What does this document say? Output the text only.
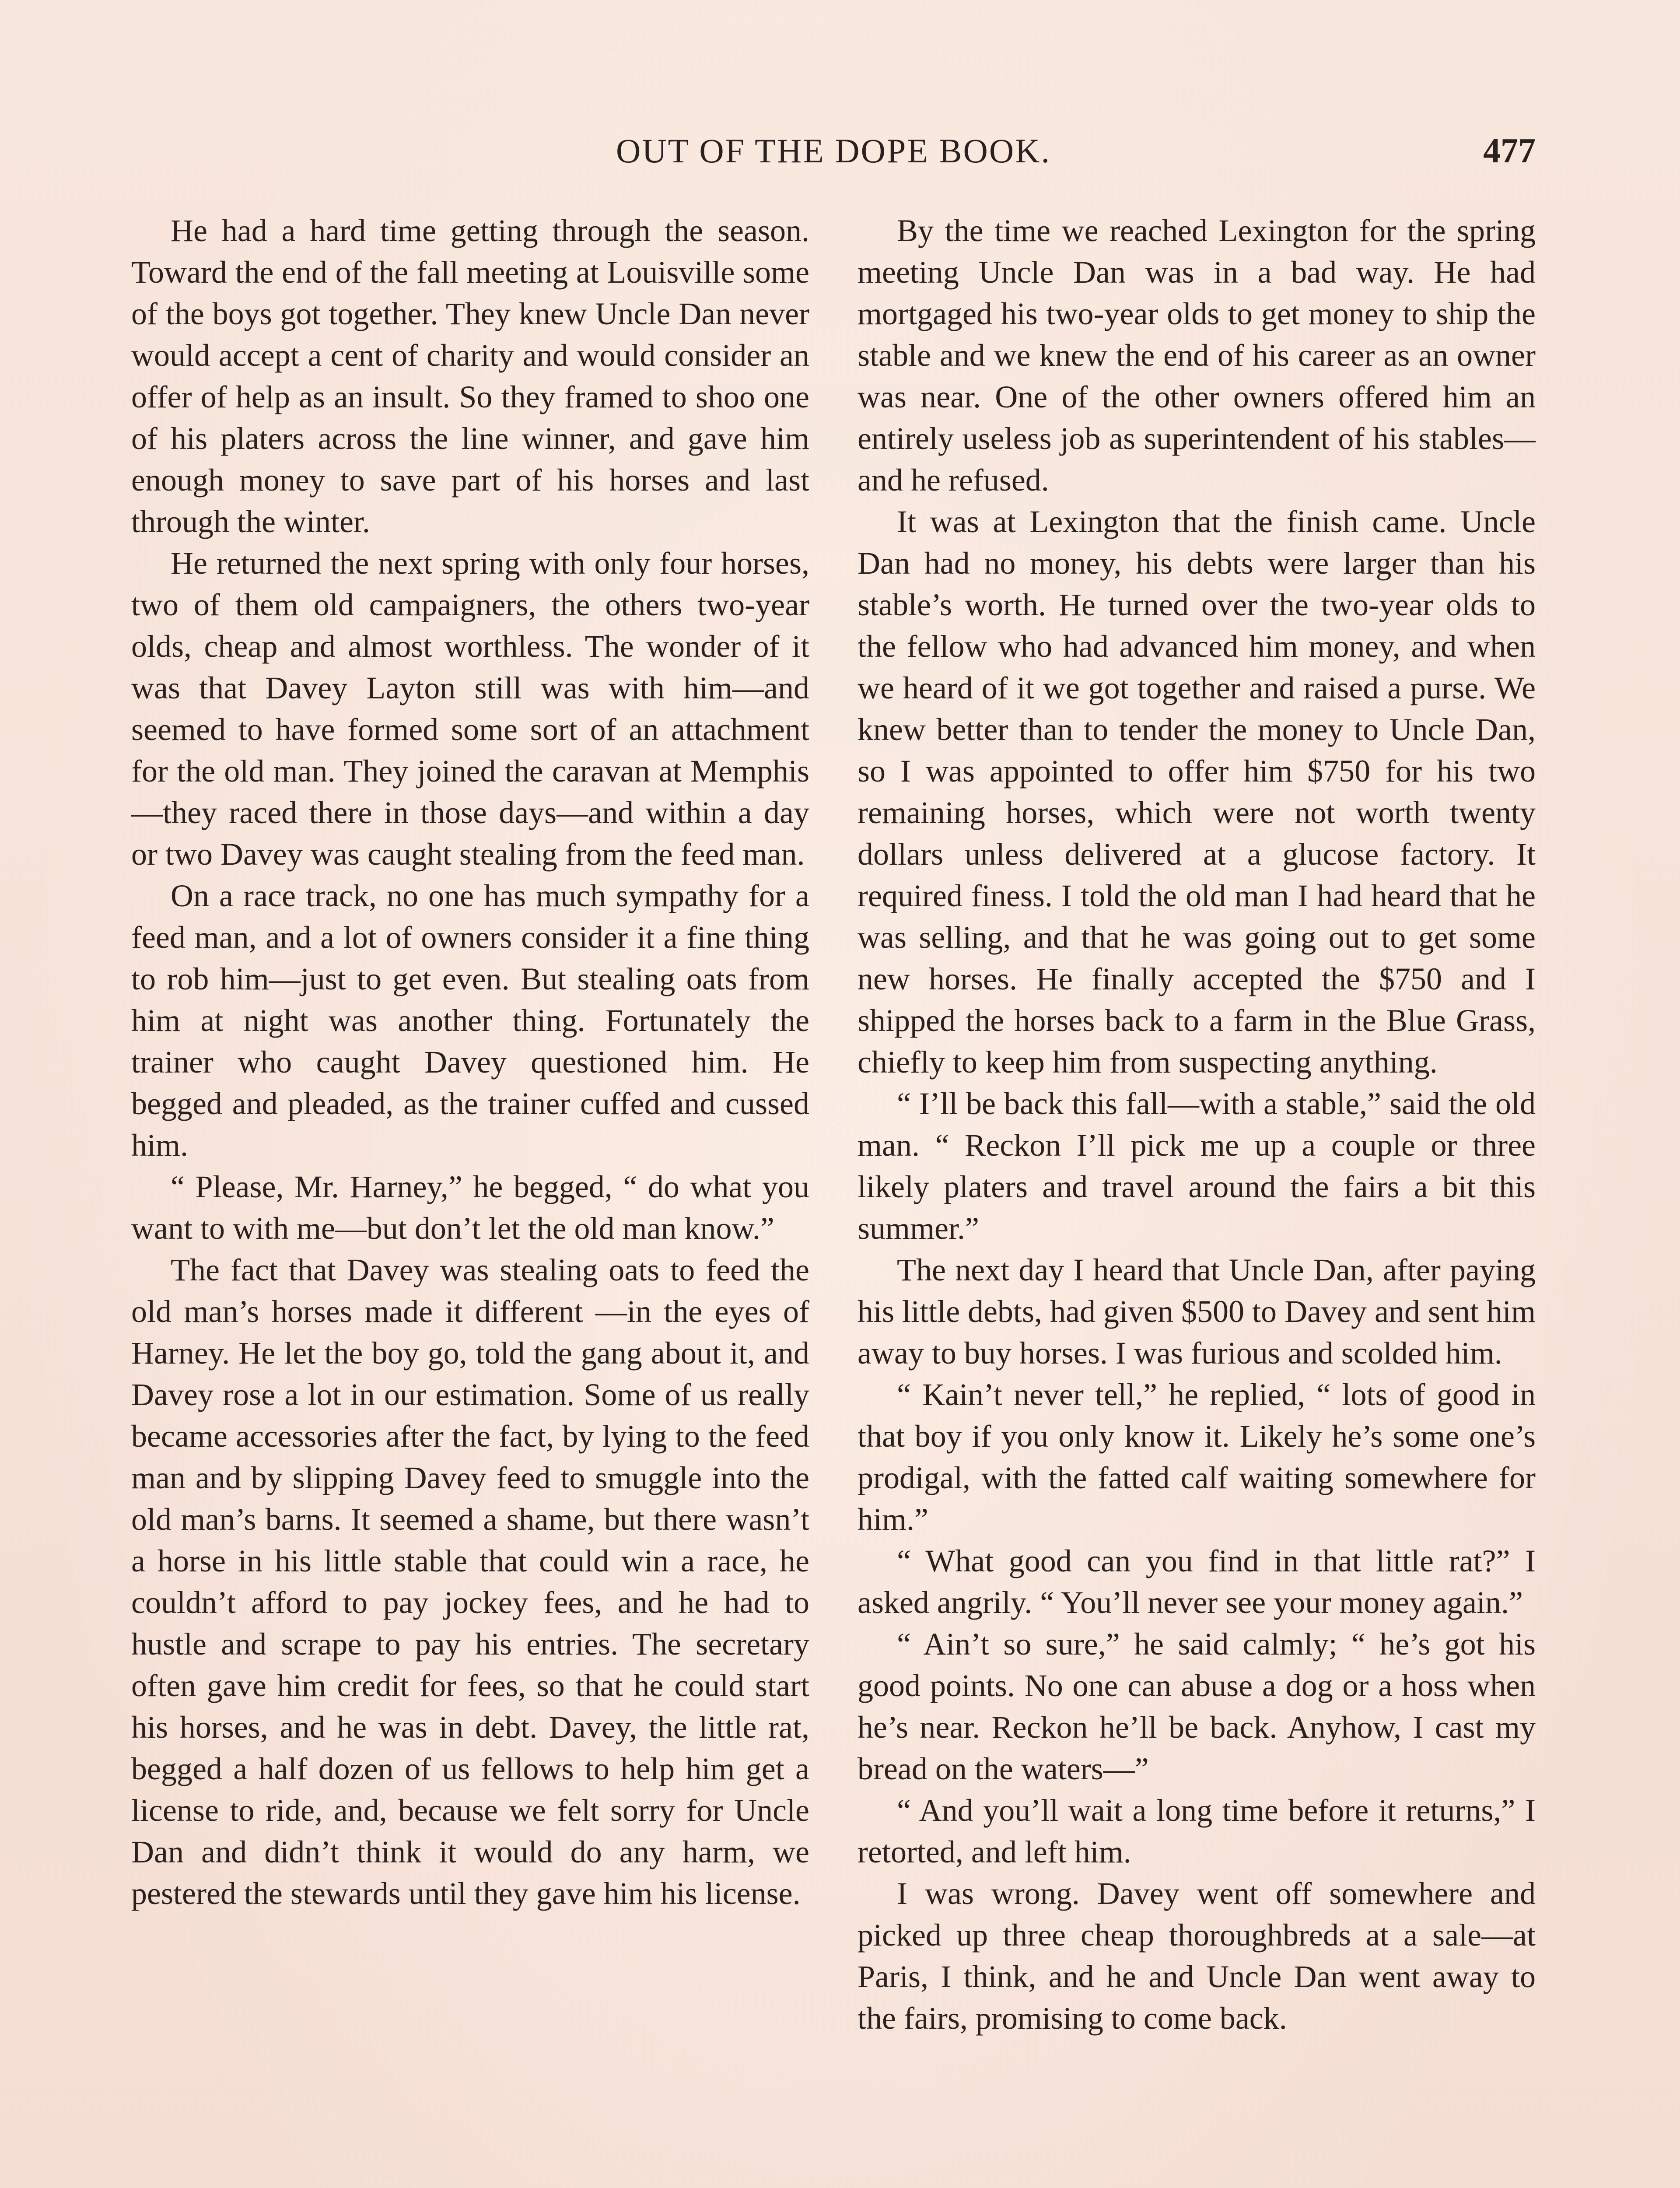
OUT OF THE DOPE BOOK.	477

He had a hard time getting through the season. Toward the end of the fall meeting at Louisville some of the boys got together. They knew Uncle Dan never would accept a cent of charity and would consider an offer of help as an insult. So they framed to shoo one of his platers across the line winner, and gave him enough money to save part of his horses and last through the winter.

He returned the next spring with only four horses, two of them old campaigners, the others two-year olds, cheap and almost worthless. The wonder of it was that Davey Layton still was with him—and seemed to have formed some sort of an attachment for the old man. They joined the caravan at Memphis—they raced there in those days—and within a day or two Davey was caught stealing from the feed man.

On a race track, no one has much sympathy for a feed man, and a lot of owners consider it a fine thing to rob him—just to get even. But stealing oats from him at night was another thing. Fortunately the trainer who caught Davey questioned him. He begged and pleaded, as the trainer cuffed and cussed him.

“ Please, Mr. Harney,” he begged, “ do what you want to with me—but don’t let the old man know.”

The fact that Davey was stealing oats to feed the old man’s horses made it different —in the eyes of Harney. He let the boy go, told the gang about it, and Davey rose a lot in our estimation. Some of us really became accessories after the fact, by lying to the feed man and by slipping Davey feed to smuggle into the old man’s barns. It seemed a shame, but there wasn’t a horse in his little stable that could win a race, he couldn’t afford to pay jockey fees, and he had to hustle and scrape to pay his entries. The secretary often gave him credit for fees, so that he could start his horses, and he was in debt. Davey, the little rat, begged a half dozen of us fellows to help him get a license to ride, and, because we felt sorry for Uncle Dan and didn’t think it would do any harm, we pestered the stewards until they gave him his license.

By the time we reached Lexington for the spring meeting Uncle Dan was in a bad way. He had mortgaged his two-year olds to get money to ship the stable and we knew the end of his career as an owner was near. One of the other owners offered him an entirely useless job as superintendent of his stables—and he refused.

It was at Lexington that the finish came. Uncle Dan had no money, his debts were larger than his stable’s worth. He turned over the two-year olds to the fellow who had advanced him money, and when we heard of it we got together and raised a purse. We knew better than to tender the money to Uncle Dan, so I was appointed to offer him $750 for his two remaining horses, which were not worth twenty dollars unless delivered at a glucose factory. It required finess. I told the old man I had heard that he was selling, and that he was going out to get some new horses. He finally accepted the $750 and I shipped the horses back to a farm in the Blue Grass, chiefly to keep him from suspecting anything.

“ I’ll be back this fall—with a stable,” said the old man. “ Reckon I’ll pick me up a couple or three likely platers and travel around the fairs a bit this summer.”

The next day I heard that Uncle Dan, after paying his little debts, had given $500 to Davey and sent him away to buy horses. I was furious and scolded him.

“ Kain’t never tell,” he replied, “ lots of good in that boy if you only know it. Likely he’s some one’s prodigal, with the fatted calf waiting somewhere for him.”

“ What good can you find in that little rat?” I asked angrily. “ You’ll never see your money again.”

“ Ain’t so sure,” he said calmly; “ he’s got his good points. No one can abuse a dog or a hoss when he’s near. Reckon he’ll be back. Anyhow, I cast my bread on the waters—”

“ And you’ll wait a long time before it returns,” I retorted, and left him.

I was wrong. Davey went off somewhere and picked up three cheap thoroughbreds at a sale—at Paris, I think, and he and Uncle Dan went away to the fairs, promising to come back.
